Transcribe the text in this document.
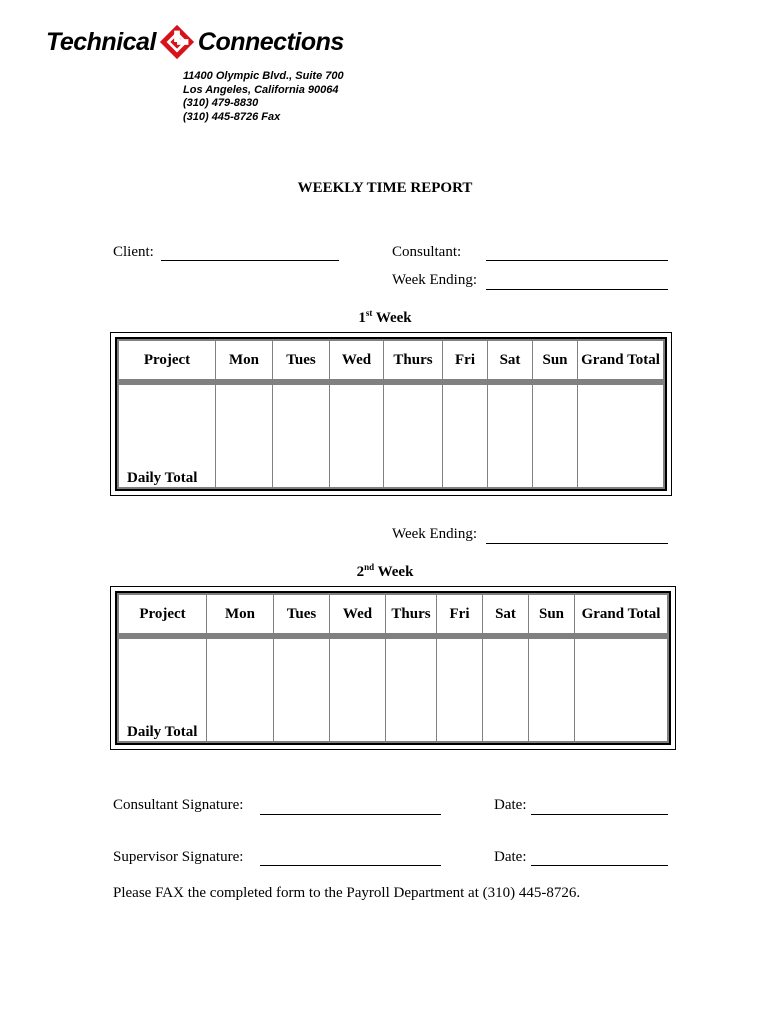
Technical Connections
11400 Olympic Blvd., Suite 700
Los Angeles, California 90064
(310) 479-8830
(310) 445-8726 Fax
WEEKLY TIME REPORT
Client:	Consultant:
Week Ending:
1st Week
Project	Mon	Tues	Wed	Thurs	Fri	Sat	Sun	Grand Total

Daily Total								
Week Ending:
2nd Week
Project	Mon	Tues	Wed	Thurs	Fri	Sat	Sun	Grand Total

Daily Total								
Consultant Signature:	Date:
Supervisor Signature:	Date:
Please FAX the completed form to the Payroll Department at (310) 445-8726.
